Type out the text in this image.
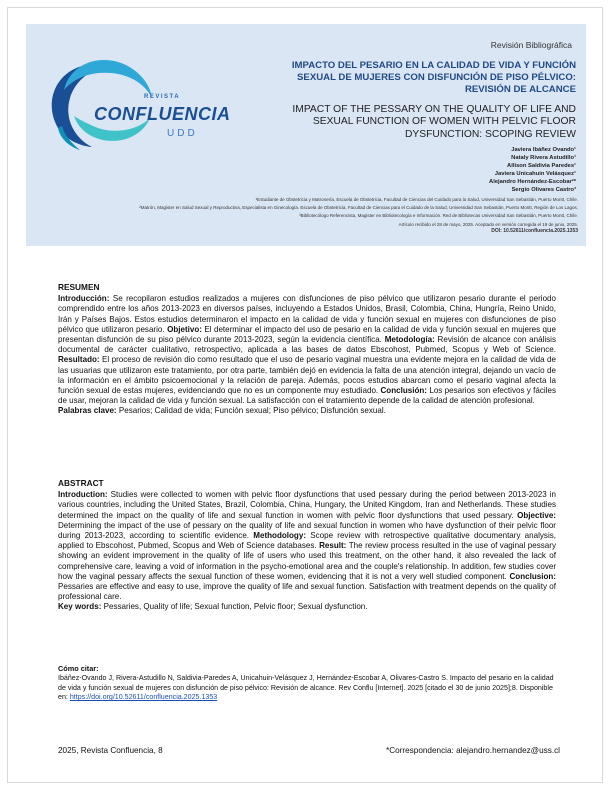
REVISTA
CONFLUENCIA
UDD
Revisión Bibliográfica
IMPACTO DEL PESARIO EN LA CALIDAD DE VIDA Y FUNCIÓN SEXUAL DE MUJERES CON DISFUNCIÓN DE PISO PÉLVICO: REVISIÓN DE ALCANCE
IMPACT OF THE PESSARY ON THE QUALITY OF LIFE AND SEXUAL FUNCTION OF WOMEN WITH PELVIC FLOOR DYSFUNCTION: SCOPING REVIEW
Javiera Ibáñez Ovando¹
Nataly Rivera Astudillo¹
Allison Saldivia Paredes¹
Javiera Unicahuin Velásquez¹
Alejandro Hernández-Escobar²*
Sergio Olivares Castro³
¹Estudiante de Obstetricia y Matronería, Escuela de Obstetricia, Facultad de Ciencias del Cuidado para la Salud, Universidad San Sebastián, Puerto Montt, Chile.
²Matrón, Magister en Salud Sexual y Reproductiva, Especialista en Ginecología. Escuela de Obstetricia, Facultad de Ciencias para el Cuidado de la Salud, Universidad San Sebastián, Puerto Montt, Región de Los Lagos.
³Bibliotecólogo Referencista, Magister en Bibliotecología e Información. Red de Bibliotecas Universidad San Sebastián, Puerto Montt, Chile.
Artículo recibido el 28 de mayo, 2025. Aceptado en versión corregida el 19 de junio, 2025.
DOI: 10.52611/confluencia.2025.1353
RESUMEN

Introducción: Se recopilaron estudios realizados a mujeres con disfunciones de piso pélvico que utilizaron pesario durante el periodo comprendido entre los años 2013-2023 en diversos países, incluyendo a Estados Unidos, Brasil, Colombia, China, Hungría, Reino Unido, Irán y Países Bajos. Estos estudios determinaron el impacto en la calidad de vida y función sexual en mujeres con disfunciones de piso pélvico que utilizaron pesario. Objetivo: El determinar el impacto del uso de pesario en la calidad de vida y función sexual en mujeres que presentan disfunción de su piso pélvico durante 2013-2023, según la evidencia científica. Metodología: Revisión de alcance con análisis documental de carácter cualitativo, retrospectivo, aplicada a las bases de datos Ebscohost, Pubmed, Scopus y Web of Science. Resultado: El proceso de revisión dio como resultado que el uso de pesario vaginal muestra una evidente mejora en la calidad de vida de las usuarias que utilizaron este tratamiento, por otra parte, también dejó en evidencia la falta de una atención integral, dejando un vacío de la información en el ámbito psicoemocional y la relación de pareja. Además, pocos estudios abarcan como el pesario vaginal afecta la función sexual de estas mujeres, evidenciando que no es un componente muy estudiado. Conclusión: Los pesarios son efectivos y fáciles de usar, mejoran la calidad de vida y función sexual. La satisfacción con el tratamiento depende de la calidad de atención profesional.

Palabras clave: Pesarios; Calidad de vida; Función sexual; Piso pélvico; Disfunción sexual.

ABSTRACT

Introduction: Studies were collected to women with pelvic floor dysfunctions that used pessary during the period between 2013-2023 in various countries, including the United States, Brazil, Colombia, China, Hungary, the United Kingdom, Iran and Netherlands. These studies determined the impact on the quality of life and sexual function in women with pelvic floor dysfunctions that used pessary. Objective: Determining the impact of the use of pessary on the quality of life and sexual function in women who have dysfunction of their pelvic floor during 2013-2023, according to scientific evidence. Methodology: Scope review with retrospective qualitative documentary analysis, applied to Ebscohost, Pubmed, Scopus and Web of Science databases. Result: The review process resulted in the use of vaginal pessary showing an evident improvement in the quality of life of users who used this treatment, on the other hand, it also revealed the lack of comprehensive care, leaving a void of information in the psycho-emotional area and the couple's relationship. In addition, few studies cover how the vaginal pessary affects the sexual function of these women, evidencing that it is not a very well studied component. Conclusion: Pessaries are effective and easy to use, improve the quality of life and sexual function. Satisfaction with treatment depends on the quality of professional care.

Key words: Pessaries, Quality of life; Sexual function, Pelvic floor; Sexual dysfunction.

Cómo citar:
Ibáñez-Ovando J, Rivera-Astudillo N, Saldivia-Paredes A, Unicahuin-Velásquez J, Hernández-Escobar A, Olivares-Castro S. Impacto del pesario en la calidad de vida y función sexual de mujeres con disfunción de piso pélvico: Revisión de alcance. Rev Conflu [Internet]. 2025 [citado el 30 de junio 2025];8. Disponible en: https://doi.org/10.52611/confluencia.2025.1353
2025, Revista Confluencia, 8	*Correspondencia: alejandro.hernandez@uss.cl
